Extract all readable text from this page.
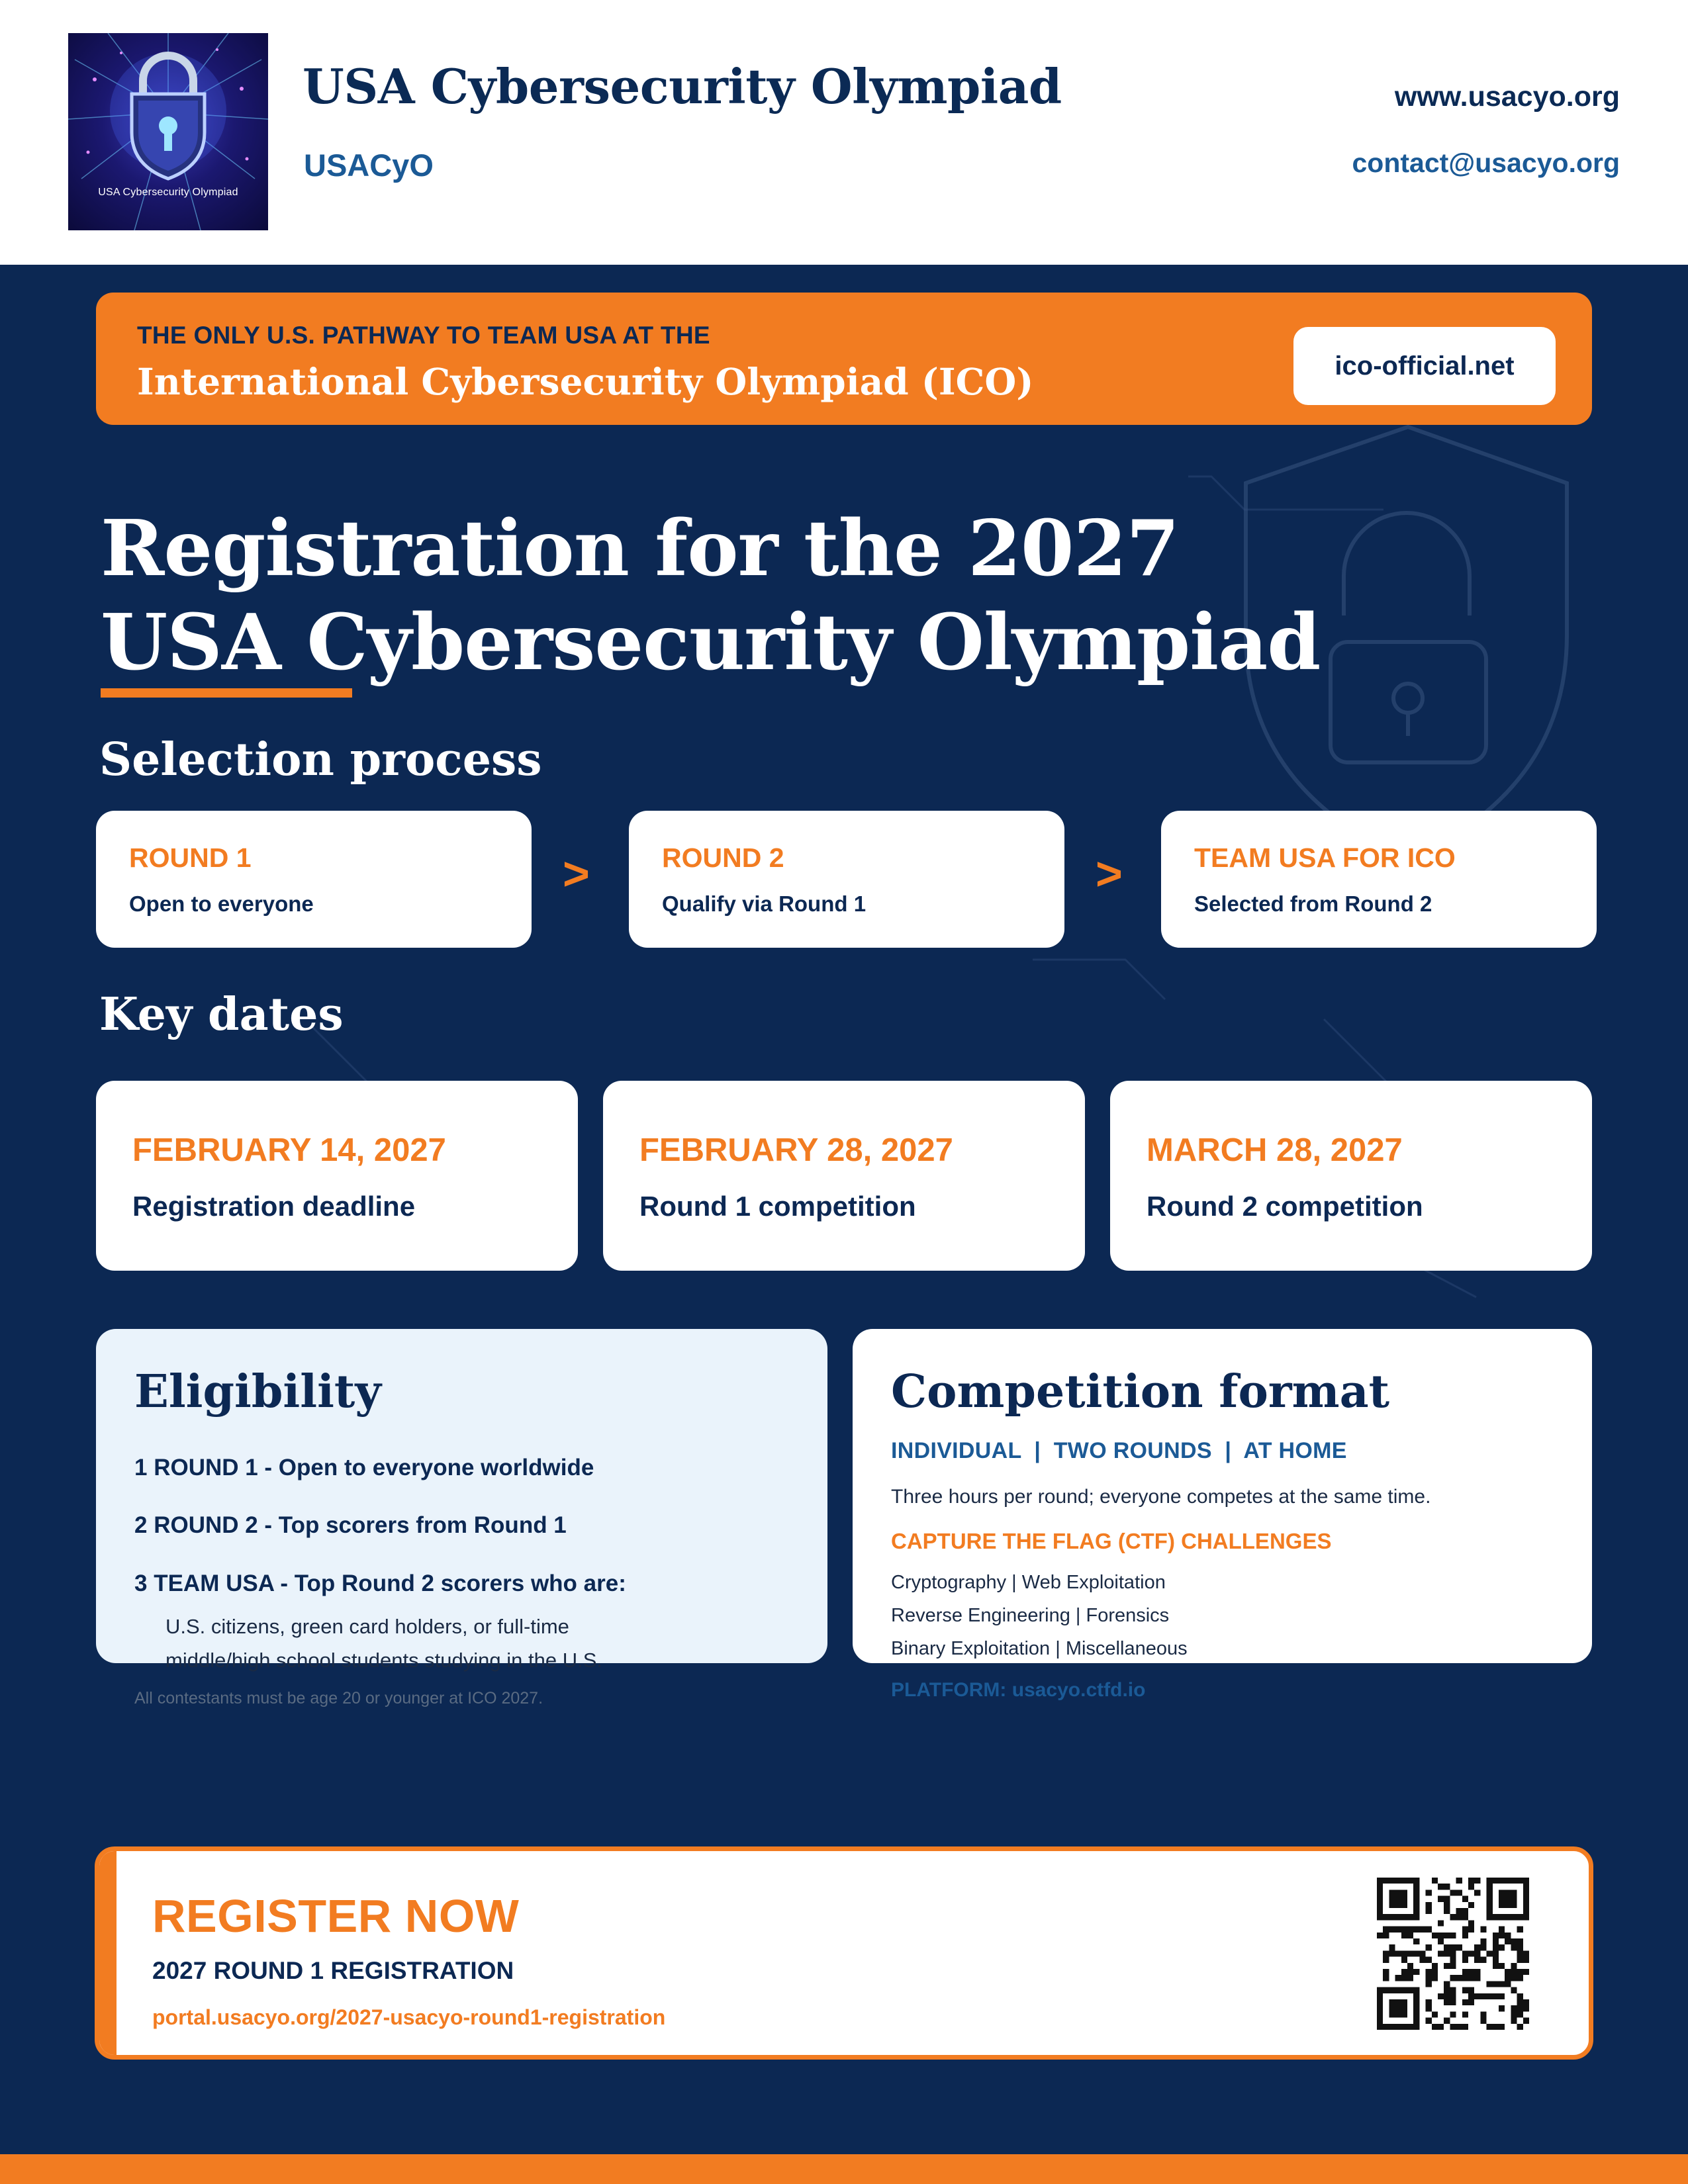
USA Cybersecurity Olympiad
USA Cybersecurity Olympiad
USACyO
www.usacyo.org
contact@usacyo.org
THE ONLY U.S. PATHWAY TO TEAM USA AT THE
International Cybersecurity Olympiad (ICO)	ico-official.net
Registration for the 2027
USA Cybersecurity Olympiad
Selection process
ROUND 1
Open to everyone
>	ROUND 2
Qualify via Round 1
>	TEAM USA FOR ICO
Selected from Round 2
Key dates
FEBRUARY 14, 2027
Registration deadline
FEBRUARY 28, 2027
Round 1 competition
MARCH 28, 2027
Round 2 competition
Eligibility
1 ROUND 1 - Open to everyone worldwide
2 ROUND 2 - Top scorers from Round 1
3 TEAM USA - Top Round 2 scorers who are:
U.S. citizens, green card holders, or full-time
middle/high school students studying in the U.S.
All contestants must be age 20 or younger at ICO 2027.
Competition format
INDIVIDUAL  |  TWO ROUNDS  |  AT HOME
Three hours per round; everyone competes at the same time.
CAPTURE THE FLAG (CTF) CHALLENGES
Cryptography | Web Exploitation
Reverse Engineering | Forensics
Binary Exploitation | Miscellaneous
PLATFORM: usacyo.ctfd.io
REGISTER NOW
2027 ROUND 1 REGISTRATION
portal.usacyo.org/2027-usacyo-round1-registration
